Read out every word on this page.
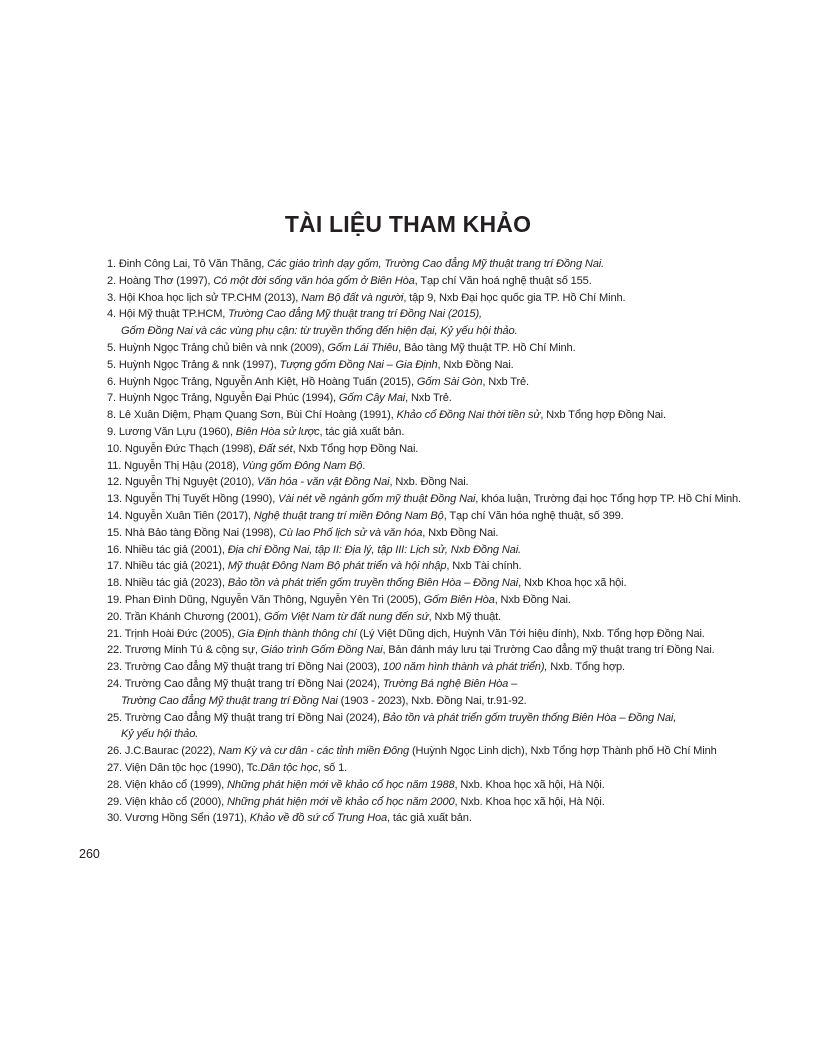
TÀI LIỆU THAM KHẢO
1. Đinh Công Lai, Tô Văn Thăng, Các giáo trình dạy gốm, Trường Cao đẳng Mỹ thuật trang trí Đồng Nai.
2. Hoàng Thơ (1997), Có một đời sống văn hóa gốm ở Biên Hòa, Tạp chí Văn hoá nghệ thuật số 155.
3. Hội Khoa học lịch sử TP.CHM (2013), Nam Bộ đất và người, tập 9, Nxb Đại học quốc gia TP. Hồ Chí Minh.
4. Hội Mỹ thuật TP.HCM, Trường Cao đẳng Mỹ thuật trang trí Đồng Nai (2015),
Gốm Đồng Nai và các vùng phụ cận: từ truyền thống đến hiện đại, Kỷ yếu hội thảo.
5. Huỳnh Ngọc Trảng chủ biên và nnk (2009), Gốm Lái Thiêu, Bảo tàng Mỹ thuật TP. Hồ Chí Minh.
5. Huỳnh Ngọc Trảng & nnk (1997), Tượng gốm Đồng Nai – Gia Định, Nxb Đồng Nai.
6. Huỳnh Ngọc Trảng, Nguyễn Anh Kiệt, Hồ Hoàng Tuấn (2015), Gốm Sài Gòn, Nxb Trẻ.
7. Huỳnh Ngọc Trảng, Nguyễn Đại Phúc (1994), Gốm Cây Mai, Nxb Trẻ.
8. Lê Xuân Diệm, Phạm Quang Sơn, Bùi Chí Hoàng (1991), Khảo cổ Đồng Nai thời tiền sử, Nxb Tổng hợp Đồng Nai.
9. Lương Văn Lựu (1960), Biên Hòa sử lược, tác giả xuất bản.
10. Nguyễn Đức Thạch (1998), Đất sét, Nxb Tổng hợp Đồng Nai.
11. Nguyễn Thị Hậu (2018), Vùng gốm Đông Nam Bộ.
12. Nguyễn Thị Nguyệt (2010), Văn hóa - văn vật Đồng Nai, Nxb. Đồng Nai.
13. Nguyễn Thị Tuyết Hồng (1990), Vài nét về ngành gốm mỹ thuật Đồng Nai, khóa luận, Trường đại học Tổng hợp TP. Hồ Chí Minh.
14. Nguyễn Xuân Tiên (2017), Nghệ thuật trang trí miền Đông Nam Bộ, Tạp chí Văn hóa nghệ thuật, số 399.
15. Nhà Bảo tàng Đồng Nai (1998), Cù lao Phố lịch sử và văn hóa, Nxb Đồng Nai.
16. Nhiều tác giả (2001), Địa chí Đồng Nai, tập II: Địa lý, tập III: Lịch sử, Nxb Đồng Nai.
17. Nhiều tác giả (2021), Mỹ thuật Đông Nam Bộ phát triển và hội nhập, Nxb Tài chính.
18. Nhiều tác giả (2023), Bảo tồn và phát triển gốm truyền thống Biên Hòa – Đồng Nai, Nxb Khoa học xã hội.
19. Phan Đình Dũng, Nguyễn Văn Thông, Nguyễn Yên Tri (2005), Gốm Biên Hòa, Nxb Đồng Nai.
20. Trần Khánh Chương (2001), Gốm Việt Nam từ đất nung đến sứ, Nxb Mỹ thuật.
21. Trịnh Hoài Đức (2005), Gia Định thành thông chí (Lý Việt Dũng dịch, Huỳnh Văn Tới hiệu đính), Nxb. Tổng hợp Đồng Nai.
22. Trương Minh Tú & cộng sự, Giáo trình Gốm Đồng Nai, Bản đánh máy lưu tại Trường Cao đẳng mỹ thuật trang trí Đồng Nai.
23. Trường Cao đẳng Mỹ thuật trang trí Đồng Nai (2003), 100 năm hình thành và phát triển), Nxb. Tổng hợp.
24. Trường Cao đẳng Mỹ thuật trang trí Đồng Nai (2024), Trường Bá nghệ Biên Hòa –
Trường Cao đẳng Mỹ thuật trang trí Đồng Nai (1903 - 2023), Nxb. Đồng Nai, tr.91-92.
25. Trường Cao đẳng Mỹ thuật trang trí Đồng Nai (2024), Bảo tồn và phát triển gốm truyền thống Biên Hòa – Đồng Nai,
Kỷ yếu hội thảo.
26. J.C.Baurac (2022), Nam Kỳ và cư dân - các tỉnh miền Đông (Huỳnh Ngọc Linh dịch), Nxb Tổng hợp Thành phố Hồ Chí Minh
27. Viện Dân tộc học (1990), Tc.Dân tộc học, số 1.
28. Viện khảo cổ (1999), Những phát hiện mới về khảo cổ học năm 1988, Nxb. Khoa học xã hội, Hà Nội.
29. Viện khảo cổ (2000), Những phát hiện mới về khảo cổ học năm 2000, Nxb. Khoa học xã hội, Hà Nội.
30. Vương Hồng Sển (1971), Khảo về đồ sứ cổ Trung Hoa, tác giả xuất bản.
260
